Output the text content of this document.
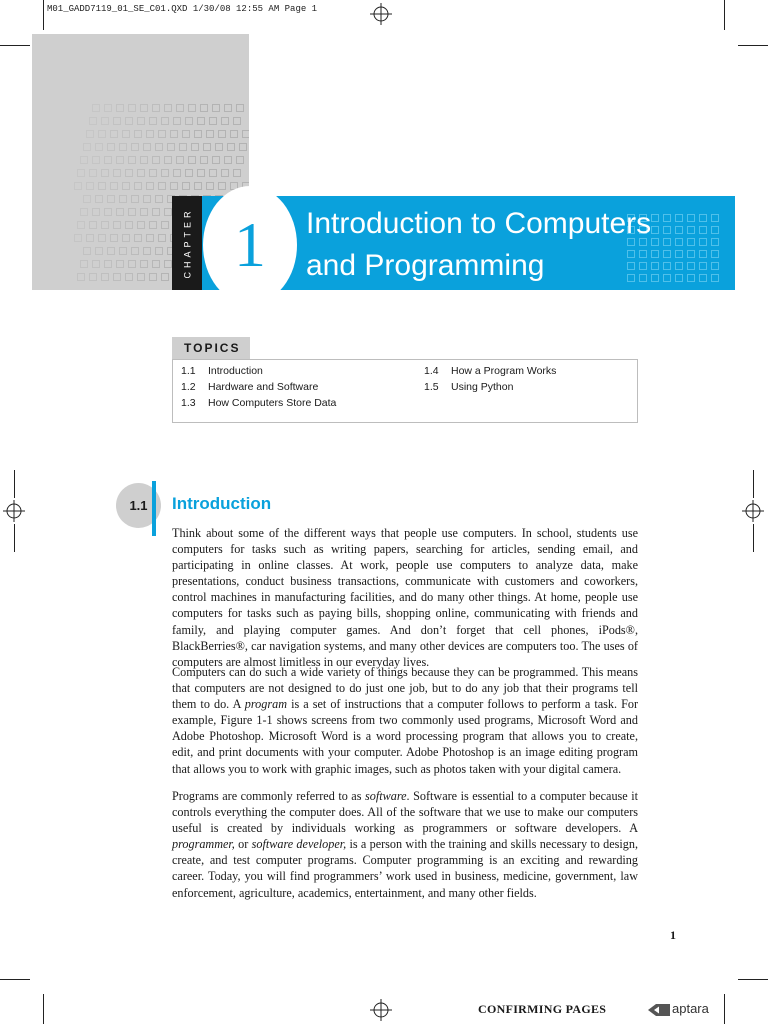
M01_GADD7119_01_SE_C01.QXD 1/30/08 12:55 AM Page 1
CHAPTER 1	Introduction to Computers
and Programming
TOPICS
1.1 Introduction
1.2 Hardware and Software
1.3 How Computers Store Data
1.4 How a Program Works
1.5 Using Python
1.1	Introduction

Think about some of the different ways that people use computers. In school, students use computers for tasks such as writing papers, searching for articles, sending email, and participating in online classes. At work, people use computers to analyze data, make presentations, conduct business transactions, communicate with customers and coworkers, control machines in manufacturing facilities, and do many other things. At home, people use computers for tasks such as paying bills, shopping online, communicating with friends and family, and playing computer games. And don’t forget that cell phones, iPods®, BlackBerries®, car navigation systems, and many other devices are computers too. The uses of computers are almost limitless in our everyday lives.

Computers can do such a wide variety of things because they can be programmed. This means that computers are not designed to do just one job, but to do any job that their programs tell them to do. A program is a set of instructions that a computer follows to perform a task. For example, Figure 1-1 shows screens from two commonly used programs, Microsoft Word and Adobe Photoshop. Microsoft Word is a word processing program that allows you to create, edit, and print documents with your computer. Adobe Photoshop is an image editing program that allows you to work with graphic images, such as photos taken with your digital camera.

Programs are commonly referred to as software. Software is essential to a computer because it controls everything the computer does. All of the software that we use to make our computers useful is created by individuals working as programmers or software developers. A programmer, or software developer, is a person with the training and skills necessary to design, create, and test computer programs. Computer programming is an exciting and rewarding career. Today, you will find programmers’ work used in business, medicine, government, law enforcement, agriculture, academics, entertainment, and many other fields.

1
CONFIRMING PAGES	aptara
